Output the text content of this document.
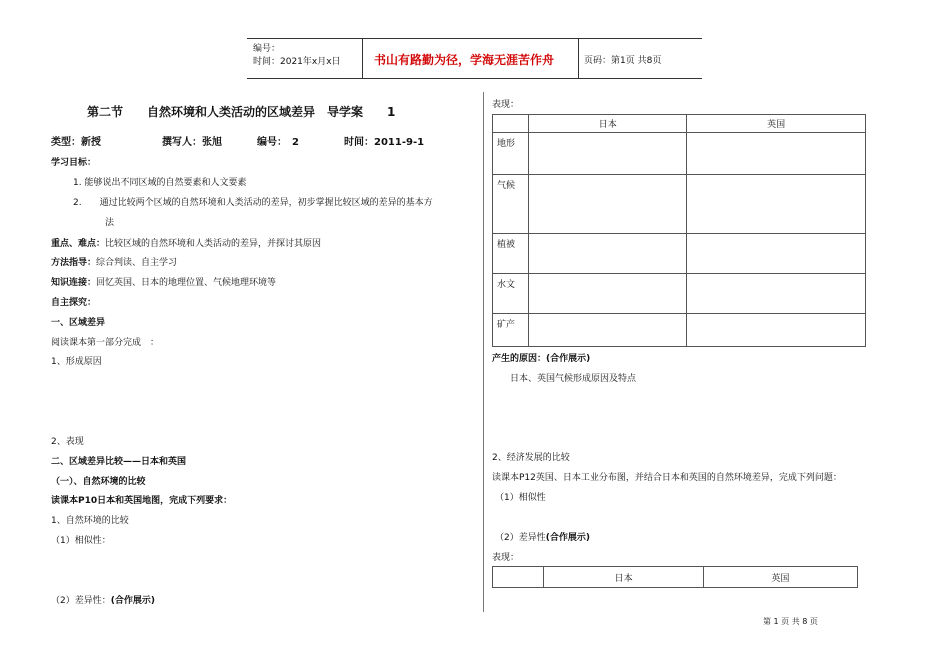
编号：
时间：2021年x月x日	书山有路勤为径，学海无涯苦作舟	页码：第1页 共8页
第二节　　自然环境和人类活动的区域差异　导学案　　1
类型：新授	撰写人：张旭	编号：　2	时间：2011-9-1
学习目标：
1. 能够说出不同区域的自然要素和人文要素
2.　　通过比较两个区域的自然环境和人类活动的差异，初步掌握比较区域的差异的基本方
法
重点、难点：比较区域的自然环境和人类活动的差异，并探讨其原因
方法指导：综合判读、自主学习
知识连接：回忆英国、日本的地理位置、气候地理环境等
自主探究：
一、区域差异
阅读课本第一部分完成　：
1、形成原因
2、表现
二、区域差异比较——日本和英国
（一）、自然环境的比较
读课本P10日本和英国地图，完成下列要求：
1、自然环境的比较
（1）相似性：
（2）差异性：(合作展示)
表现：
	日本	英国
地形		
气候		
植被		
水文		
矿产		
产生的原因：(合作展示)
日本、英国气候形成原因及特点
2、经济发展的比较
读课本P12英国、日本工业分布图，并结合日本和英国的自然环境差异，完成下列问题：
（1）相似性
（2）差异性(合作展示)
表现：
	日本	英国
第 1 页 共 8 页
